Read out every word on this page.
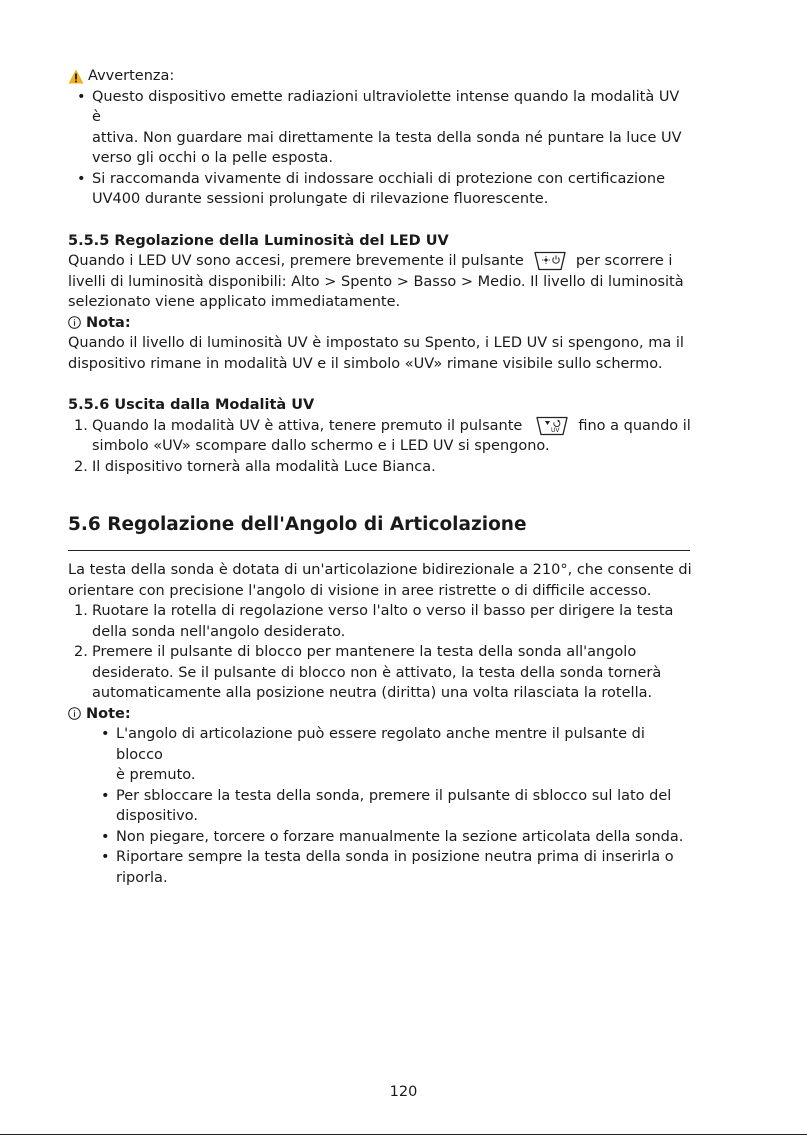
Avvertenza:
• Questo dispositivo emette radiazioni ultraviolette intense quando la modalità UV è
attiva. Non guardare mai direttamente la testa della sonda né puntare la luce UV
verso gli occhi o la pelle esposta.
• Si raccomanda vivamente di indossare occhiali di protezione con certificazione
UV400 durante sessioni prolungate di rilevazione fluorescente.
5.5.5 Regolazione della Luminosità del LED UV
Quando i LED UV sono accesi, premere brevemente il pulsante	per scorrere i
livelli di luminosità disponibili: Alto > Spento > Basso > Medio. Il livello di luminosità
selezionato viene applicato immediatamente.
Nota:
Quando il livello di luminosità UV è impostato su Spento, i LED UV si spengono, ma il
dispositivo rimane in modalità UV e il simbolo «UV» rimane visibile sullo schermo.
5.5.6 Uscita dalla Modalità UV
1. Quando la modalità UV è attiva, tenere premuto il pulsante	UV fino a quando il
simbolo «UV» scompare dallo schermo e i LED UV si spengono.
2. Il dispositivo tornerà alla modalità Luce Bianca.
5.6 Regolazione dell'Angolo di Articolazione
La testa della sonda è dotata di un'articolazione bidirezionale a 210°, che consente di
orientare con precisione l'angolo di visione in aree ristrette o di difficile accesso.
1. Ruotare la rotella di regolazione verso l'alto o verso il basso per dirigere la testa
della sonda nell'angolo desiderato.
2. Premere il pulsante di blocco per mantenere la testa della sonda all'angolo
desiderato. Se il pulsante di blocco non è attivato, la testa della sonda tornerà
automaticamente alla posizione neutra (diritta) una volta rilasciata la rotella.
Note:
• L'angolo di articolazione può essere regolato anche mentre il pulsante di blocco
è premuto.
• Per sbloccare la testa della sonda, premere il pulsante di sblocco sul lato del
dispositivo.
• Non piegare, torcere o forzare manualmente la sezione articolata della sonda.
• Riportare sempre la testa della sonda in posizione neutra prima di inserirla o
riporla.
120
